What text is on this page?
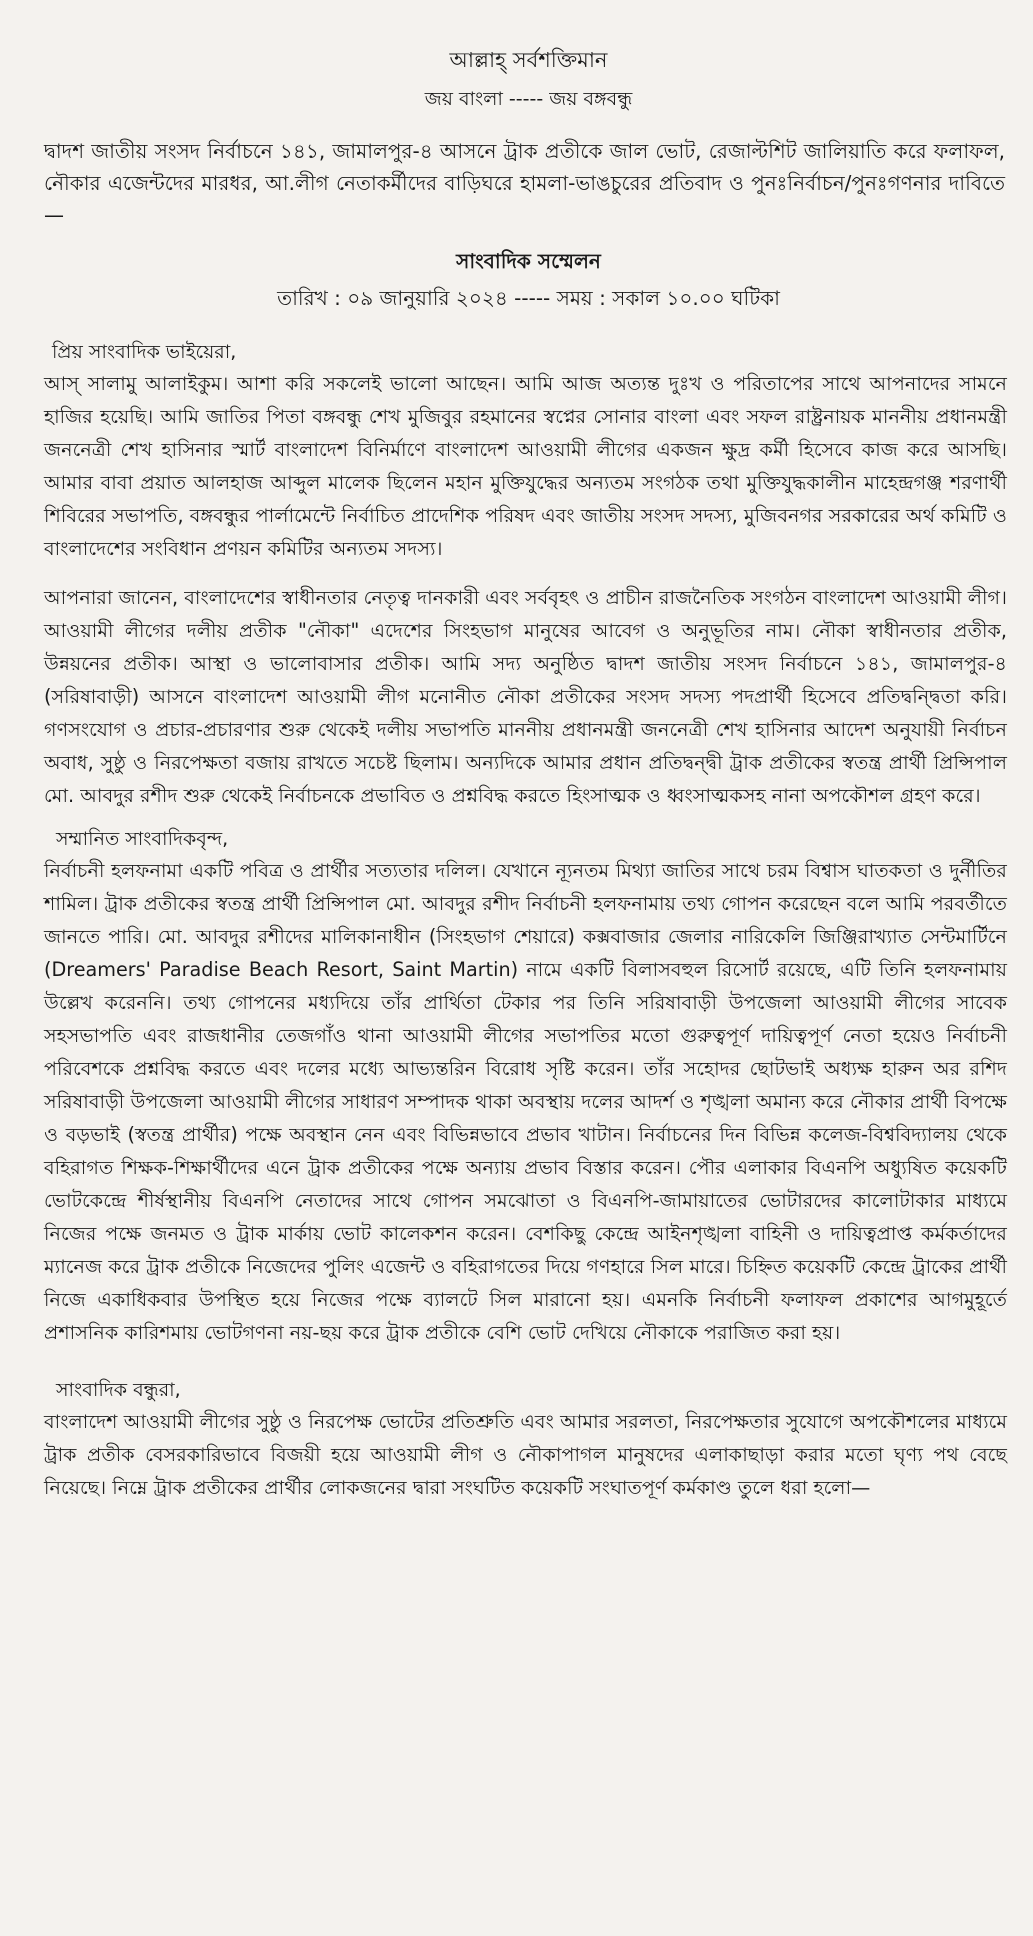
আল্লাহ্‌ সর্বশক্তিমান
জয় বাংলা ----- জয় বঙ্গবন্ধু
দ্বাদশ জাতীয় সংসদ নির্বাচনে ১৪১, জামালপুর-৪ আসনে ট্রাক প্রতীকে জাল ভোট, রেজাল্টশিট জালিয়াতি করে ফলাফল, নৌকার এজেন্টদের মারধর, আ.লীগ নেতাকর্মীদের বাড়িঘরে হামলা-ভাঙচুরের প্রতিবাদ ও পুনঃনির্বাচন/পুনঃগণনার দাবিতে—
সাংবাদিক সম্মেলন
তারিখ : ০৯ জানুয়ারি ২০২৪ ----- সময় : সকাল ১০.০০ ঘটিকা
প্রিয় সাংবাদিক ভাইয়েরা,

আস্‌ সালামু আলাইকুম। আশা করি সকলেই ভালো আছেন। আমি আজ অত্যন্ত দুঃখ ও পরিতাপের সাথে আপনাদের সামনে হাজির হয়েছি। আমি জাতির পিতা বঙ্গবন্ধু শেখ মুজিবুর রহমানের স্বপ্নের সোনার বাংলা এবং সফল রাষ্ট্রনায়ক মাননীয় প্রধানমন্ত্রী জননেত্রী শেখ হাসিনার স্মার্ট বাংলাদেশ বিনির্মাণে বাংলাদেশ আওয়ামী লীগের একজন ক্ষুদ্র কর্মী হিসেবে কাজ করে আসছি। আমার বাবা প্রয়াত আলহাজ আব্দুল মালেক ছিলেন মহান মুক্তিযুদ্ধের অন্যতম সংগঠক তথা মুক্তিযুদ্ধকালীন মাহেন্দ্রগঞ্জ শরণার্থী শিবিরের সভাপতি, বঙ্গবন্ধুর পার্লামেন্টে নির্বাচিত প্রাদেশিক পরিষদ এবং জাতীয় সংসদ সদস্য, মুজিবনগর সরকারের অর্থ কমিটি ও বাংলাদেশের সংবিধান প্রণয়ন কমিটির অন্যতম সদস্য।

আপনারা জানেন, বাংলাদেশের স্বাধীনতার নেতৃত্ব দানকারী এবং সর্ববৃহৎ ও প্রাচীন রাজনৈতিক সংগঠন বাংলাদেশ আওয়ামী লীগ। আওয়ামী লীগের দলীয় প্রতীক "নৌকা" এদেশের সিংহভাগ মানুষের আবেগ ও অনুভূতির নাম। নৌকা স্বাধীনতার প্রতীক, উন্নয়নের প্রতীক। আস্থা ও ভালোবাসার প্রতীক। আমি সদ্য অনুষ্ঠিত দ্বাদশ জাতীয় সংসদ নির্বাচনে ১৪১, জামালপুর-৪ (সরিষাবাড়ী) আসনে বাংলাদেশ আওয়ামী লীগ মনোনীত নৌকা প্রতীকের সংসদ সদস্য পদপ্রার্থী হিসেবে প্রতিদ্বন্দ্বিতা করি। গণসংযোগ ও প্রচার-প্রচারণার শুরু থেকেই দলীয় সভাপতি মাননীয় প্রধানমন্ত্রী জননেত্রী শেখ হাসিনার আদেশ অনুযায়ী নির্বাচন অবাধ, সুষ্ঠু ও নিরপেক্ষতা বজায় রাখতে সচেষ্ট ছিলাম। অন্যদিকে আমার প্রধান প্রতিদ্বন্দ্বী ট্রাক প্রতীকের স্বতন্ত্র প্রার্থী প্রিন্সিপাল মো. আবদুর রশীদ শুরু থেকেই নির্বাচনকে প্রভাবিত ও প্রশ্নবিদ্ধ করতে হিংসাত্মক ও ধ্বংসাত্মকসহ নানা অপকৌশল গ্রহণ করে।

সম্মানিত সাংবাদিকবৃন্দ,

নির্বাচনী হলফনামা একটি পবিত্র ও প্রার্থীর সত্যতার দলিল। যেখানে ন্যূনতম মিথ্যা জাতির সাথে চরম বিশ্বাস ঘাতকতা ও দুর্নীতির শামিল। ট্রাক প্রতীকের স্বতন্ত্র প্রার্থী প্রিন্সিপাল মো. আবদুর রশীদ নির্বাচনী হলফনামায় তথ্য গোপন করেছেন বলে আমি পরবর্তীতে জানতে পারি। মো. আবদুর রশীদের মালিকানাধীন (সিংহভাগ শেয়ারে) কক্সবাজার জেলার নারিকেলি জিঞ্জিরাখ্যাত সেন্টমার্টিনে (Dreamers' Paradise Beach Resort, Saint Martin) নামে একটি বিলাসবহুল রিসোর্ট রয়েছে, এটি তিনি হলফনামায় উল্লেখ করেননি। তথ্য গোপনের মধ্যদিয়ে তাঁর প্রার্থিতা টেকার পর তিনি সরিষাবাড়ী উপজেলা আওয়ামী লীগের সাবেক সহসভাপতি এবং রাজধানীর তেজগাঁও থানা আওয়ামী লীগের সভাপতির মতো গুরুত্বপূর্ণ দায়িত্বপূর্ণ নেতা হয়েও নির্বাচনী পরিবেশকে প্রশ্নবিদ্ধ করতে এবং দলের মধ্যে আভ্যন্তরিন বিরোধ সৃষ্টি করেন। তাঁর সহোদর ছোটভাই অধ্যক্ষ হারুন অর রশিদ সরিষাবাড়ী উপজেলা আওয়ামী লীগের সাধারণ সম্পাদক থাকা অবস্থায় দলের আদর্শ ও শৃঙ্খলা অমান্য করে নৌকার প্রার্থী বিপক্ষে ও বড়ভাই (স্বতন্ত্র প্রার্থীর) পক্ষে অবস্থান নেন এবং বিভিন্নভাবে প্রভাব খাটান। নির্বাচনের দিন বিভিন্ন কলেজ-বিশ্ববিদ্যালয় থেকে বহিরাগত শিক্ষক-শিক্ষার্থীদের এনে ট্রাক প্রতীকের পক্ষে অন্যায় প্রভাব বিস্তার করেন। পৌর এলাকার বিএনপি অধ্যুষিত কয়েকটি ভোটকেন্দ্রে শীর্ষস্থানীয় বিএনপি নেতাদের সাথে গোপন সমঝোতা ও বিএনপি-জামায়াতের ভোটারদের কালোটাকার মাধ্যমে নিজের পক্ষে জনমত ও ট্রাক মার্কায় ভোট কালেকশন করেন। বেশকিছু কেন্দ্রে আইনশৃঙ্খলা বাহিনী ও দায়িত্বপ্রাপ্ত কর্মকর্তাদের ম্যানেজ করে ট্রাক প্রতীকে নিজেদের পুলিং এজেন্ট ও বহিরাগতের দিয়ে গণহারে সিল মারে। চিহ্নিত কয়েকটি কেন্দ্রে ট্রাকের প্রার্থী নিজে একাধিকবার উপস্থিত হয়ে নিজের পক্ষে ব্যালটে সিল মারানো হয়। এমনকি নির্বাচনী ফলাফল প্রকাশের আগমুহূর্তে প্রশাসনিক কারিশমায় ভোটগণনা নয়-ছয় করে ট্রাক প্রতীকে বেশি ভোট দেখিয়ে নৌকাকে পরাজিত করা হয়।

সাংবাদিক বন্ধুরা,

বাংলাদেশ আওয়ামী লীগের সুষ্ঠু ও নিরপেক্ষ ভোটের প্রতিশ্রুতি এবং আমার সরলতা, নিরপেক্ষতার সুযোগে অপকৌশলের মাধ্যমে ট্রাক প্রতীক বেসরকারিভাবে বিজয়ী হয়ে আওয়ামী লীগ ও নৌকাপাগল মানুষদের এলাকাছাড়া করার মতো ঘৃণ্য পথ বেছে নিয়েছে। নিম্নে ট্রাক প্রতীকের প্রার্থীর লোকজনের দ্বারা সংঘটিত কয়েকটি সংঘাতপূর্ণ কর্মকাণ্ড তুলে ধরা হলো—
